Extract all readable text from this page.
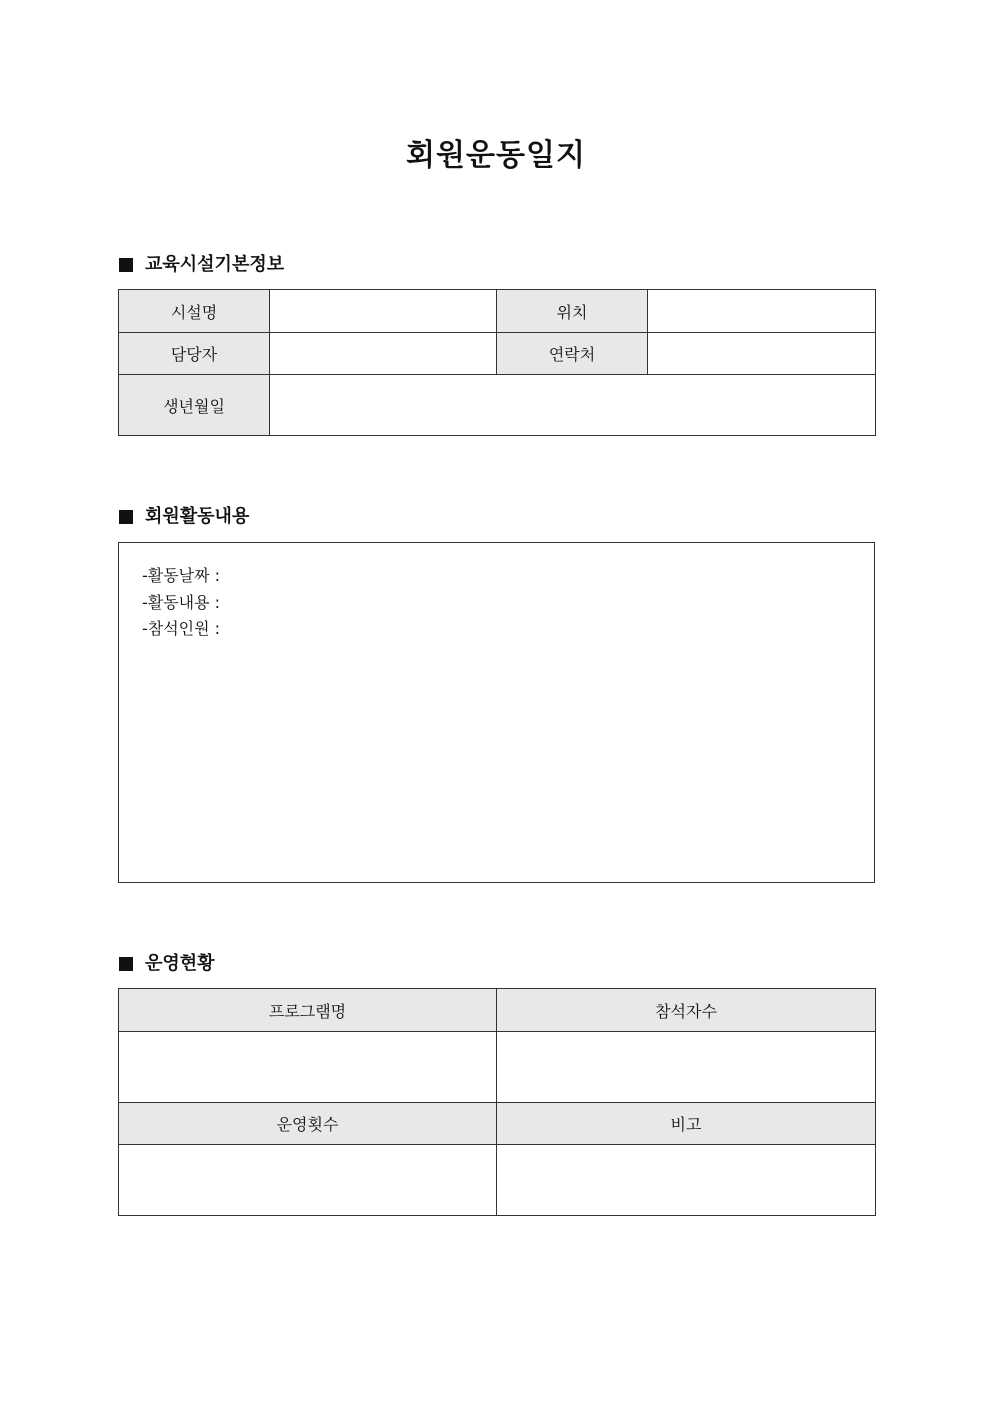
회원운동일지
교육시설기본정보
시설명		위치	
담당자		연락처	
생년월일			
회원활동내용
-활동날짜 :
-활동내용 :
-참석인원 :
운영현황
프로그램명	참석자수

운영횟수	비고
